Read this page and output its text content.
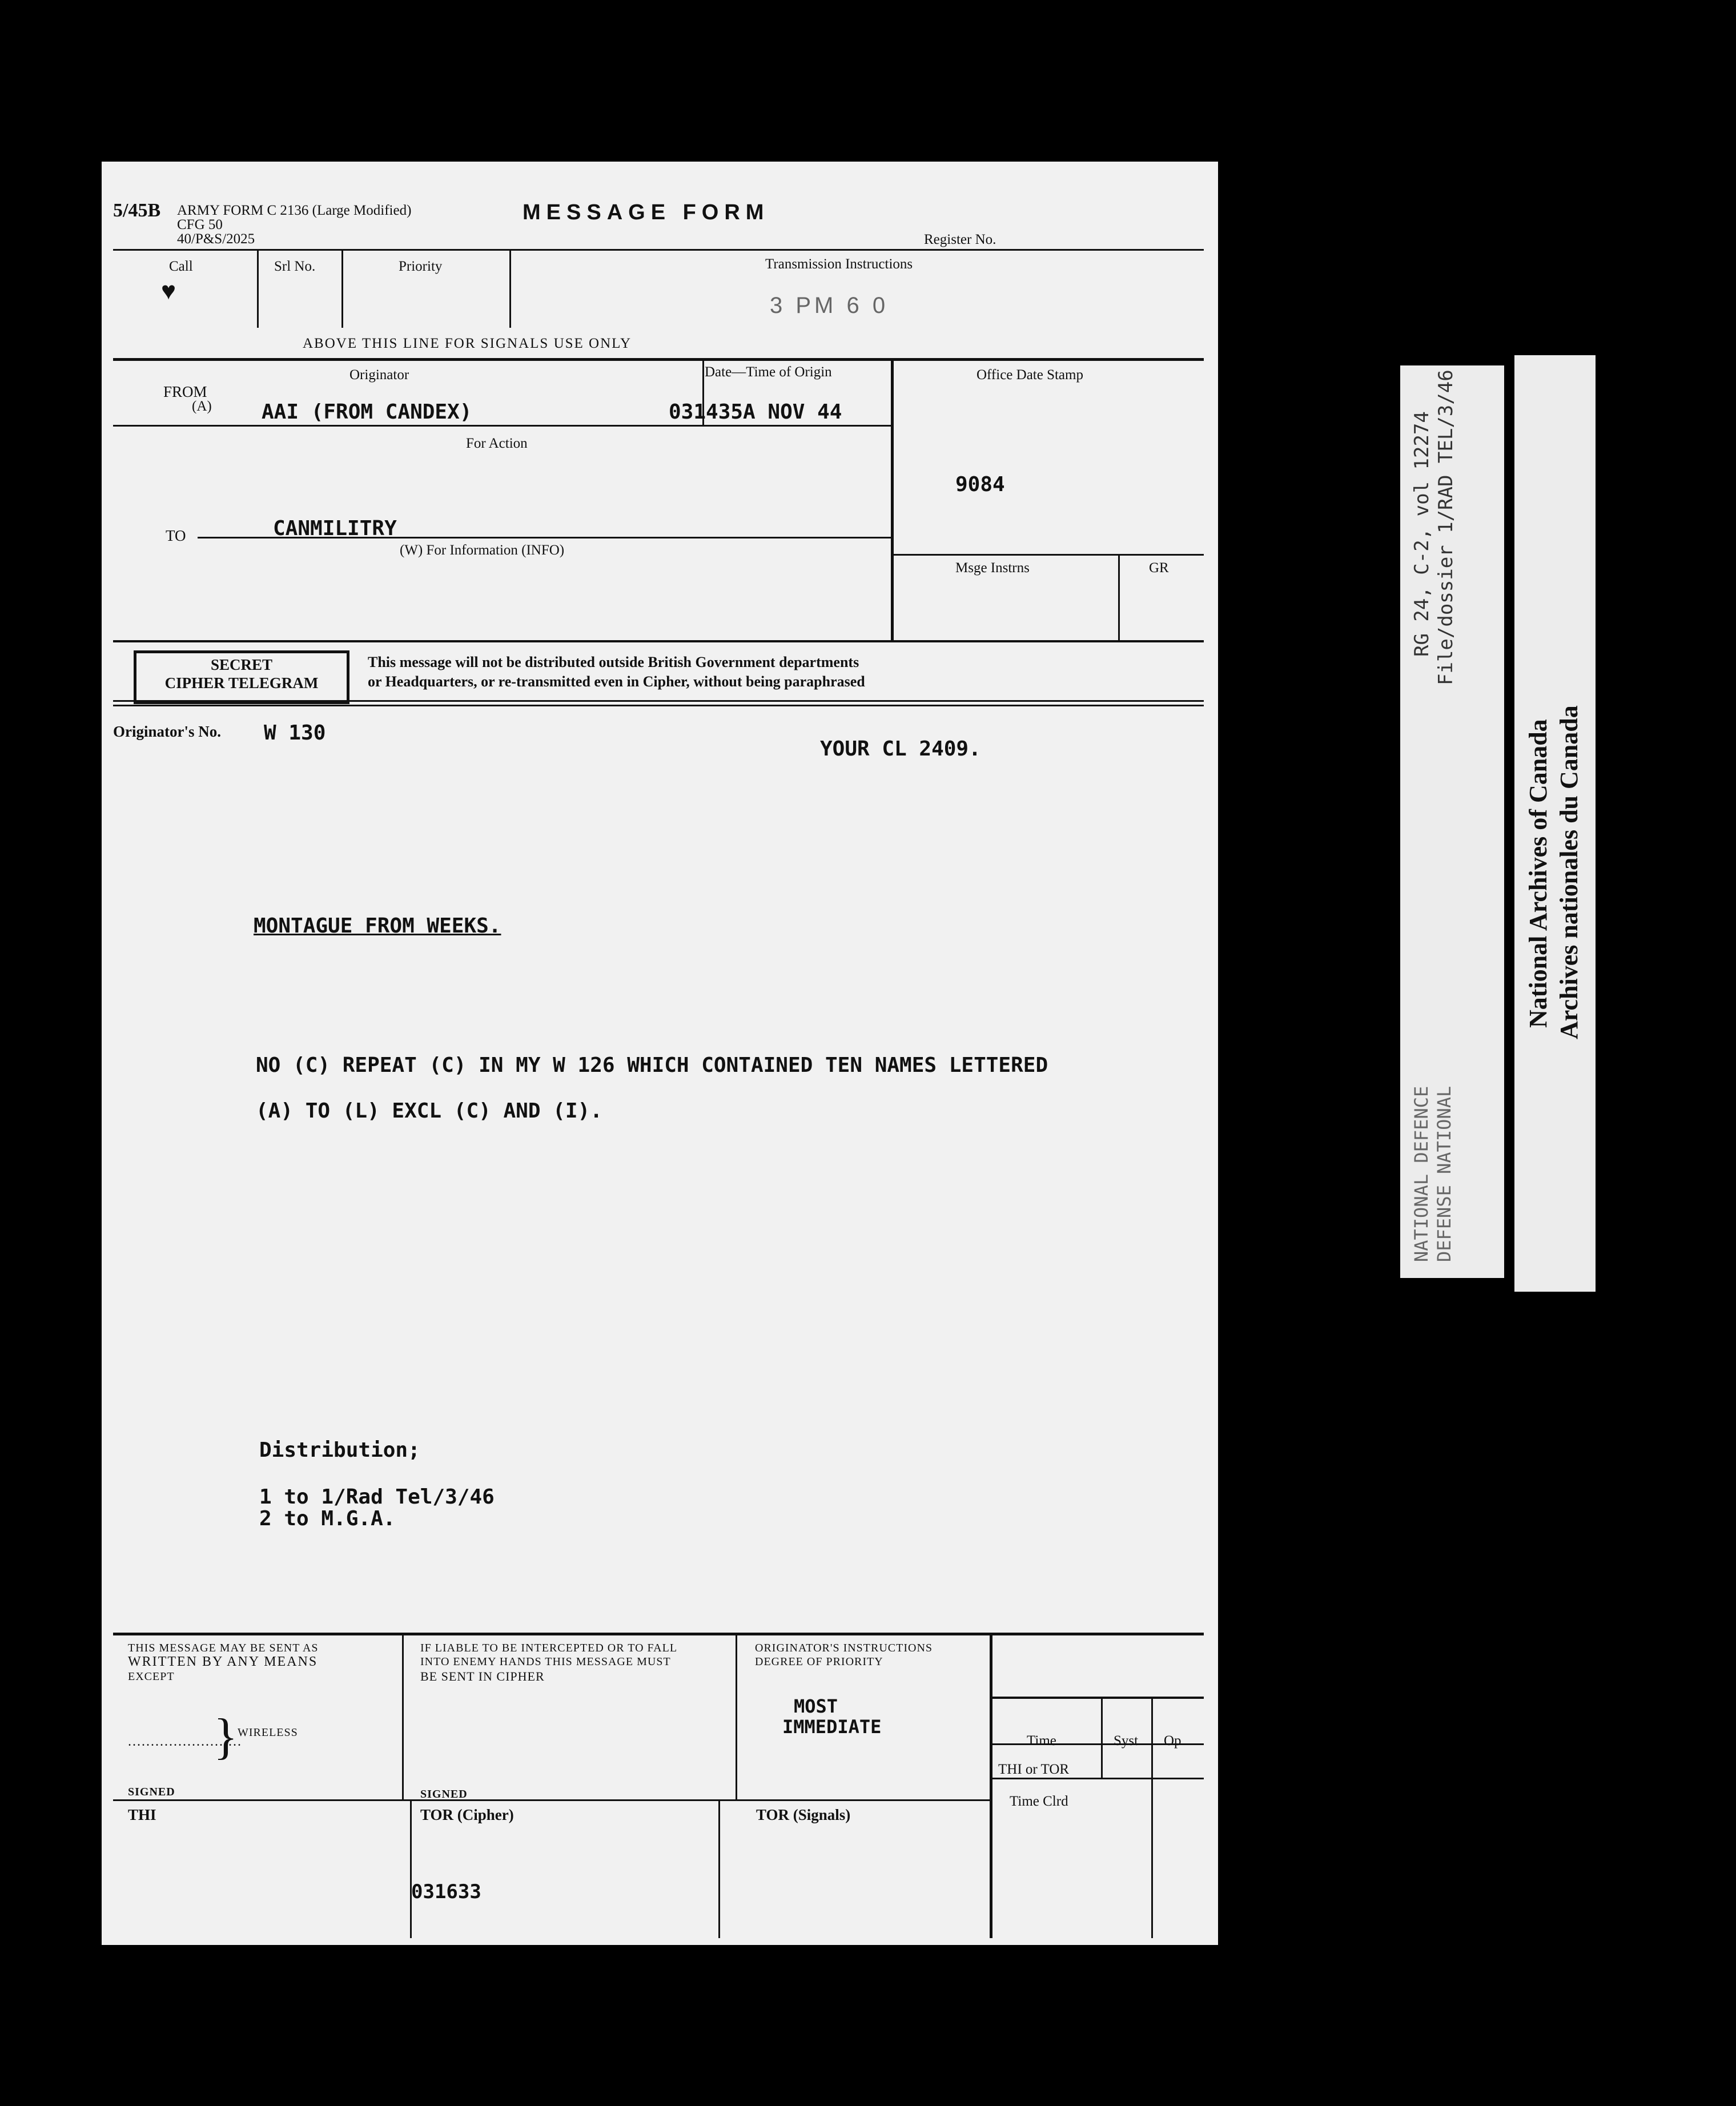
5/45B ARMY FORM C 2136 (Large Modified)
CFG 50
40/P&S/2025
MESSAGE FORM
Register No.
Call
♥
Srl No.	Priority	Transmission Instructions
3 PM 6 0
ABOVE THIS LINE FOR SIGNALS USE ONLY
Originator
FROM
(A) AAI (FROM CANDEX)
Date—Time of Origin
031435A NOV 44
For Action
TO	CANMILITRY
(W) For Information (INFO)
Office Date Stamp
9084
Msge Instrns	GR
SECRET
CIPHER TELEGRAM
This message will not be distributed outside British Government departments
or Headquarters, or re-transmitted even in Cipher, without being paraphrased
Originator's No. W 130
YOUR CL 2409.
MONTAGUE FROM WEEKS.
NO (C) REPEAT (C) IN MY W 126 WHICH CONTAINED TEN NAMES LETTERED
(A) TO (L) EXCL (C) AND (I).
Distribution;
1 to 1/Rad Tel/3/46
2 to M.G.A.
THIS MESSAGE MAY BE SENT AS
WRITTEN BY ANY MEANS
EXCEPT
.........................
} WIRELESS
SIGNED
IF LIABLE TO BE INTERCEPTED OR TO FALL
INTO ENEMY HANDS THIS MESSAGE MUST
BE SENT IN CIPHER
SIGNED
ORIGINATOR'S INSTRUCTIONS
DEGREE OF PRIORITY
MOST
IMMEDIATE
Time	Syst Op
THI or TOR
Time Clrd
THI	TOR (Cipher)
031633
TOR (Signals)
RG 24, C-2, vol 12274 File/dossier 1/RAD TEL/3/46
NATIONAL DEFENCE DEFENSE NATIONAL
National Archives of Canada Archives nationales du Canada
